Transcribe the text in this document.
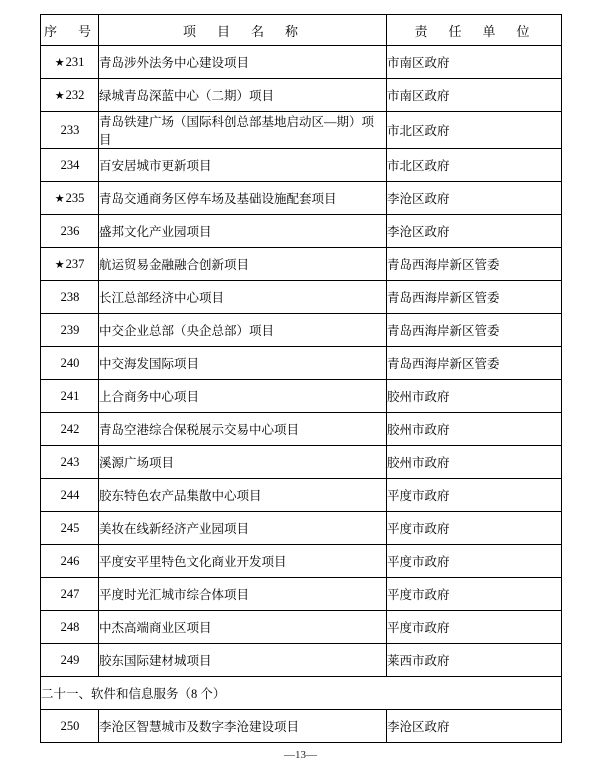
序　号	项　目　名　称	责　任　单　位
★231	青岛涉外法务中心建设项目	市南区政府
★232	绿城青岛深蓝中心（二期）项目	市南区政府
233	青岛铁建广场（国际科创总部基地启动区—期）项目	市北区政府
234	百安居城市更新项目	市北区政府
★235	青岛交通商务区停车场及基础设施配套项目	李沧区政府
236	盛邦文化产业园项目	李沧区政府
★237	航运贸易金融融合创新项目	青岛西海岸新区管委
238	长江总部经济中心项目	青岛西海岸新区管委
239	中交企业总部（央企总部）项目	青岛西海岸新区管委
240	中交海发国际项目	青岛西海岸新区管委
241	上合商务中心项目	胶州市政府
242	青岛空港综合保税展示交易中心项目	胶州市政府
243	溪源广场项目	胶州市政府
244	胶东特色农产品集散中心项目	平度市政府
245	美妆在线新经济产业园项目	平度市政府
246	平度安平里特色文化商业开发项目	平度市政府
247	平度时光汇城市综合体项目	平度市政府
248	中杰高端商业区项目	平度市政府
249	胶东国际建材城项目	莱西市政府
二十一、软件和信息服务（8 个）		
250	李沧区智慧城市及数字李沧建设项目	李沧区政府
—13—
